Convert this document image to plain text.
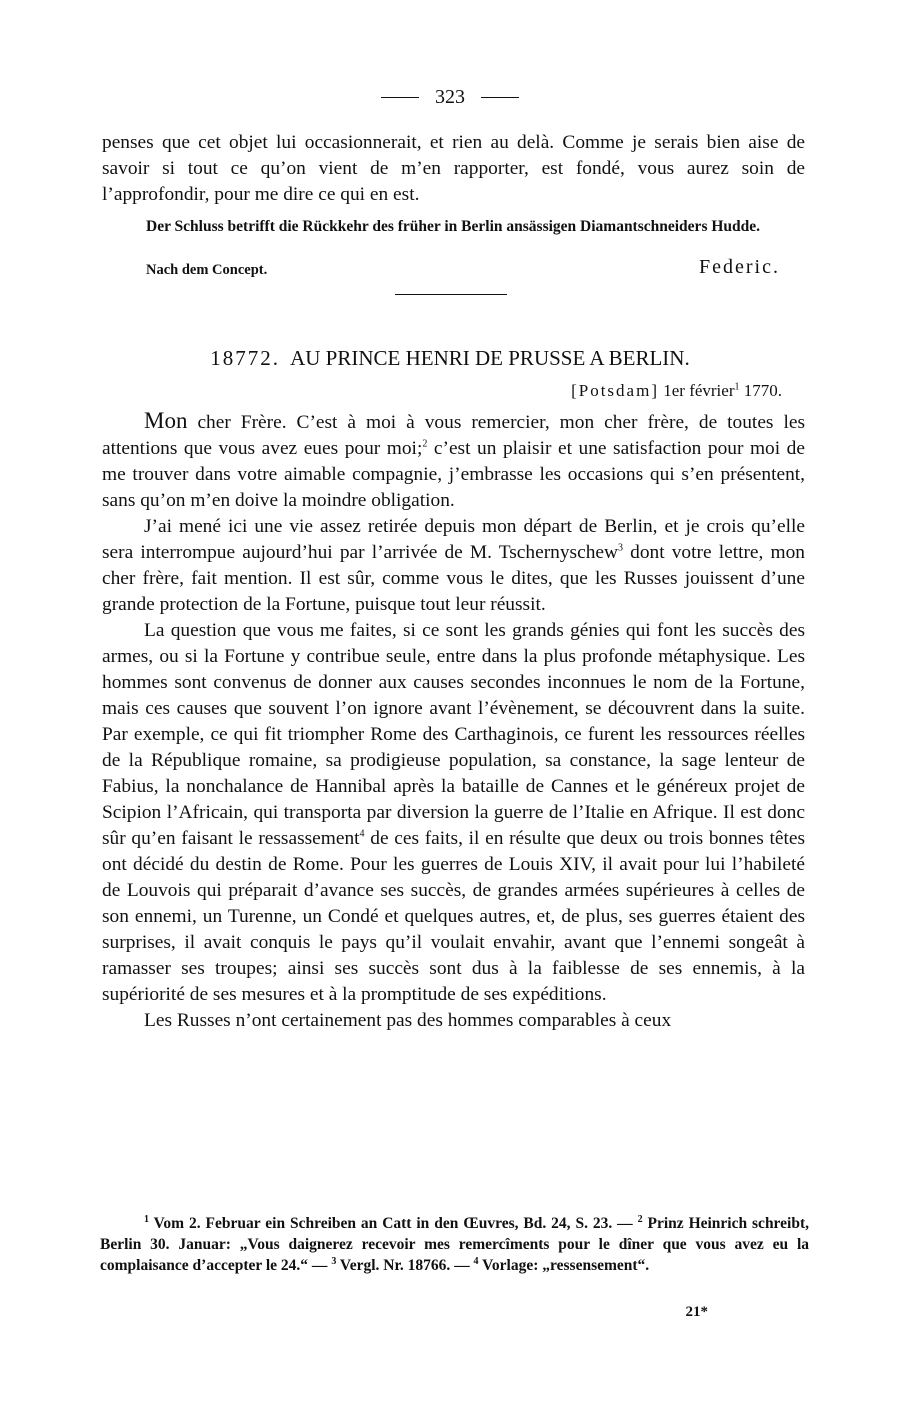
323

penses que cet objet lui occasionnerait, et rien au delà. Comme je serais bien aise de savoir si tout ce qu’on vient de m’en rapporter, est fondé, vous aurez soin de l’approfondir, pour me dire ce qui en est.

Der Schluss betrifft die Rückkehr des früher in Berlin ansässigen Diamantschneiders Hudde.

Nach dem Concept.	Federic.
18772. AU PRINCE HENRI DE PRUSSE A BERLIN.
[Potsdam] 1er février$^1$ 1770.

Mon cher Frère. C’est à moi à vous remercier, mon cher frère, de toutes les attentions que vous avez eues pour moi;$^2$ c’est un plaisir et une satisfaction pour moi de me trouver dans votre aimable compagnie, j’embrasse les occasions qui s’en présentent, sans qu’on m’en doive la moindre obligation.

J’ai mené ici une vie assez retirée depuis mon départ de Berlin, et je crois qu’elle sera interrompue aujourd’hui par l’arrivée de M. Tschernyschew$^3$ dont votre lettre, mon cher frère, fait mention. Il est sûr, comme vous le dites, que les Russes jouissent d’une grande protection de la Fortune, puisque tout leur réussit.

La question que vous me faites, si ce sont les grands génies qui font les succès des armes, ou si la Fortune y contribue seule, entre dans la plus profonde métaphysique. Les hommes sont convenus de donner aux causes secondes inconnues le nom de la Fortune, mais ces causes que souvent l’on ignore avant l’évènement, se découvrent dans la suite. Par exemple, ce qui fit triompher Rome des Carthaginois, ce furent les ressources réelles de la République romaine, sa prodigieuse population, sa constance, la sage lenteur de Fabius, la nonchalance de Hannibal après la bataille de Cannes et le généreux projet de Scipion l’Africain, qui transporta par diversion la guerre de l’Italie en Afrique. Il est donc sûr qu’en faisant le ressassement$^4$ de ces faits, il en résulte que deux ou trois bonnes têtes ont décidé du destin de Rome. Pour les guerres de Louis XIV, il avait pour lui l’habileté de Louvois qui préparait d’avance ses succès, de grandes armées supérieures à celles de son ennemi, un Turenne, un Condé et quelques autres, et, de plus, ses guerres étaient des surprises, il avait conquis le pays qu’il voulait envahir, avant que l’ennemi songeât à ramasser ses troupes; ainsi ses succès sont dus à la faiblesse de ses ennemis, à la supériorité de ses mesures et à la promptitude de ses expéditions.

Les Russes n’ont certainement pas des hommes comparables à ceux

$^1$ Vom 2. Februar ein Schreiben an Catt in den Œuvres, Bd. 24, S. 23. — $^2$ Prinz Heinrich schreibt, Berlin 30. Januar: „Vous daignerez recevoir mes remercîments pour le dîner que vous avez eu la complaisance d’accepter le 24.“ — $^3$ Vergl. Nr. 18766. — $^4$ Vorlage: „ressensement“.

21*
